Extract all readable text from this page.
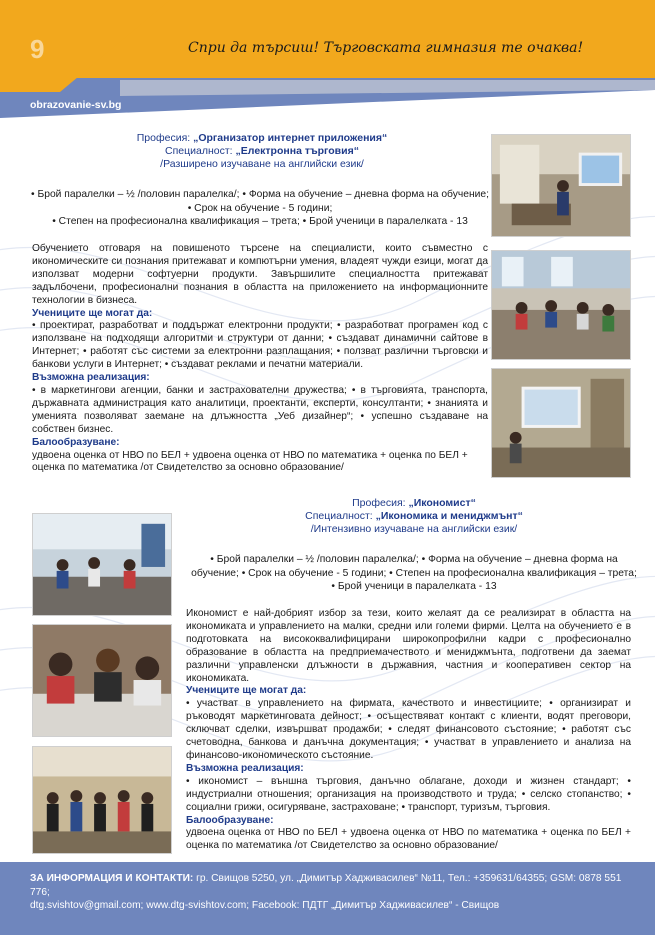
9	Спри да търсиш! Търговската гимназия те очаква!
obrazovanie-sv.bg
Професия: „Организатор интернет приложения“
Специалност: „Електронна търговия“
/Разширено изучаване на английски език/
• Брой паралелки – ½ /половин паралелка/; • Форма на обучение – дневна форма на обучение;
• Срок на обучение - 5 години;
• Степен на професионална квалификация – трета; • Брой ученици в паралелката - 13

Обучението отговаря на повишеното търсене на специалисти, които съвместно с икономическите си познания притежават и компютърни умения, владеят чужди езици, могат да използват модерни софтуерни продукти. Завършилите специалността притежават задълбочени, професионални познания в областта на приложението на информационните технологии в бизнеса.

Учениците ще могат да:

• проектират, разработват и поддържат електронни продукти; • разработват програмен код с използване на подходящи алгоритми и структури от данни; • създават динамични сайтове в Интернет; • работят със системи за електронни разплащания; • ползват различни търговски и банкови услуги в Интернет; • създават реклами и печатни материали.

Възможна реализация:

• в маркетингови агенции, банки и застрахователни дружества; • в търговията, транспорта, държавната администрация като аналитици, проектанти, експерти, консултанти; • знанията и уменията позволяват заемане на длъжността „Уеб дизайнер“; • успешно създаване на собствен бизнес.

Балообразуване:

удвоена оценка от НВО по БЕЛ + удвоена оценка от НВО по математика + оценка по БЕЛ + оценка по математика /от Свидетелство за основно образование/

Професия: „Икономист“
Специалност: „Икономика и мениджмънт“
/Интензивно изучаване на английски език/
• Брой паралелки – ½ /половин паралелка/; • Форма на обучение – дневна форма на
обучение; • Срок на обучение - 5 години; • Степен на професионална квалификация – трета;
• Брой ученици в паралелката - 13

Икономист е най-добрият избор за тези, които желаят да се реализират в областта на икономиката и управлението на малки, средни или големи фирми. Целта на обучението е в подготовката на висококвалифицирани широкопрофилни кадри с професионално образование в областта на предприемачеството и мениджмънта, подготвени да заемат различни управленски длъжности в държавния, частния и кооперативен сектор на икономиката.

Учениците ще могат да:

• участват в управлението на фирмата, качеството и инвестициите; • организират и ръководят маркетинговата дейност; • осъществяват контакт с клиенти, водят преговори, сключват сделки, извършват продажби; • следят финансовото състояние; • работят със счетоводна, банкова и данъчна документация; • участват в управлението и анализа на финансово-икономическото състояние.

Възможна реализация:

• икономист – външна търговия, данъчно облагане, доходи и жизнен стандарт; • индустриални отношения; организация на производството и труда; • селско стопанство; • социални грижи, осигуряване, застраховане; • транспорт, туризъм, търговия.

Балообразуване:

удвоена оценка от НВО по БЕЛ + удвоена оценка от НВО по математика + оценка по БЕЛ + оценка по математика /от Свидетелство за основно образование/

ЗА ИНФОРМАЦИЯ И КОНТАКТИ: гр. Свищов 5250, ул. „Димитър Хадживасилев“ №11, Тел.: +359631/64355; GSM: 0878 551 776;
dtg.svishtov@gmail.com; www.dtg-svishtov.com; Facebook: ПДТГ „Димитър Хадживасилев“ - Свищов
